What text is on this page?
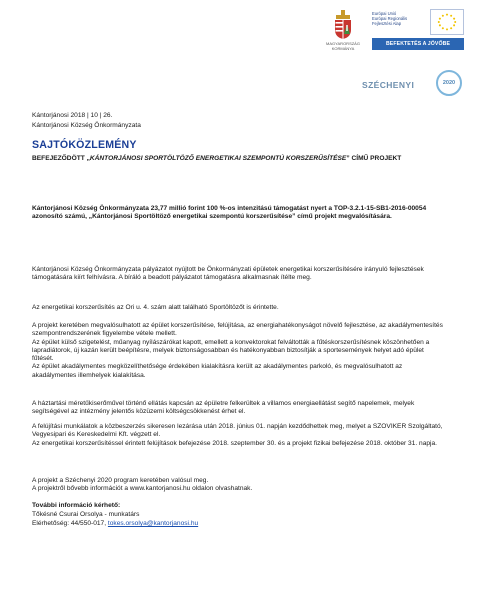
MAGYARORSZÁG KORMÁNYA
Európai Unió
Európai Regionális
Fejlesztési Alap
BEFEKTETÉS A JÖVŐBE
SZÉCHENYI	2020
Kántorjánosi 2018 | 10 | 26.
Kántorjánosi Község Önkormányzata
SAJTÓKÖZLEMÉNY
BEFEJEZŐDÖTT „KÁNTORJÁNOSI SPORTÖLTÖZŐ ENERGETIKAI SZEMPONTÚ KORSZERŰSÍTÉSE” CÍMŰ PROJEKT
Kántorjánosi Község Önkormányzata 23,77 millió forint 100 %-os intenzitású támogatást nyert a TOP-3.2.1-15-SB1-2016-00054 azonosító számú, „Kántorjánosi Sportöltöző energetikai szempontú korszerűsítése” című projekt megvalósítására.
Kántorjánosi Község Önkormányzata pályázatot nyújtott be Önkormányzati épületek energetikai korszerűsítésére irányuló fejlesztések támogatására kiírt felhívásra. A bíráló a beadott pályázatot támogatásra alkalmasnak ítélte meg.
Az energetikai korszerűsítés az Ori u. 4. szám alatt található Sportöltözőt is érintette.
A projekt keretében megvalósulhatott az épület korszerűsítése, felújítása, az energiahatékonyságot növelő fejlesztése, az akadálymentesítés szempontrendszerének figyelembe vétele mellett.
Az épület külső szigetelést, műanyag nyílászárókat kapott, emellett a konvektorokat felváltották a fűtéskorszerűsítésnek köszönhetően a lapradiátorok, új kazán került beépítésre, melyek biztonságosabban és hatékonyabban biztosítják a sportesemények helyet adó épület fűtését.
Az épület akadálymentes megközelíthetősége érdekében kialakításra került az akadálymentes parkoló, és megvalósulhatott az akadálymentes illemhelyek kialakítása.
A háztartási méretűkiserőművel történő ellátás kapcsán az épületre felkerültek a villamos energiaellátást segítő napelemek, melyek segítségével az intézmény jelentős közüzemi költségcsökkenést érhet el.
A felújítási munkálatok a közbeszerzés sikeresen lezárása után 2018. június 01. napján kezdődhettek meg, melyet a SZOVIKER Szolgáltató, Vegyesipari és Kereskedelmi Kft. végzett el.
Az energetikai korszerűsítéssel érintett felújítások befejezése 2018. szeptember 30. és a projekt fizikai befejezése 2018. október 31. napja.
A projekt a Széchenyi 2020 program keretében valósul meg.
A projektről bővebb információt a www.kantorjanosi.hu oldalon olvashatnak.
További információ kérhető:
Tőkésné Csurai Orsolya - munkatárs
Elérhetőség: 44/550-017, tokes.orsolya@kantorjanosi.hu
